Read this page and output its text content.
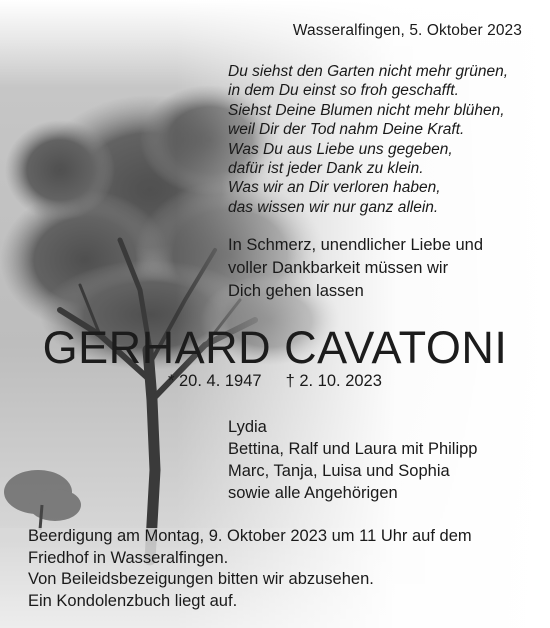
Wasseralfingen, 5. Oktober 2023

Du siehst den Garten nicht mehr grünen,
in dem Du einst so froh geschafft.
Siehst Deine Blumen nicht mehr blühen,
weil Dir der Tod nahm Deine Kraft.
Was Du aus Liebe uns gegeben,
dafür ist jeder Dank zu klein.
Was wir an Dir verloren haben,
das wissen wir nur ganz allein.
In Schmerz, unendlicher Liebe und
voller Dankbarkeit müssen wir
Dich gehen lassen

GERHARD CAVATONI

* 20. 4. 1947 † 2. 10. 2023

Lydia
Bettina, Ralf und Laura mit Philipp
Marc, Tanja, Luisa und Sophia
sowie alle Angehörigen
Beerdigung am Montag, 9. Oktober 2023 um 11 Uhr auf dem
Friedhof in Wasseralfingen.
Von Beileidsbezeigungen bitten wir abzusehen.
Ein Kondolenzbuch liegt auf.
